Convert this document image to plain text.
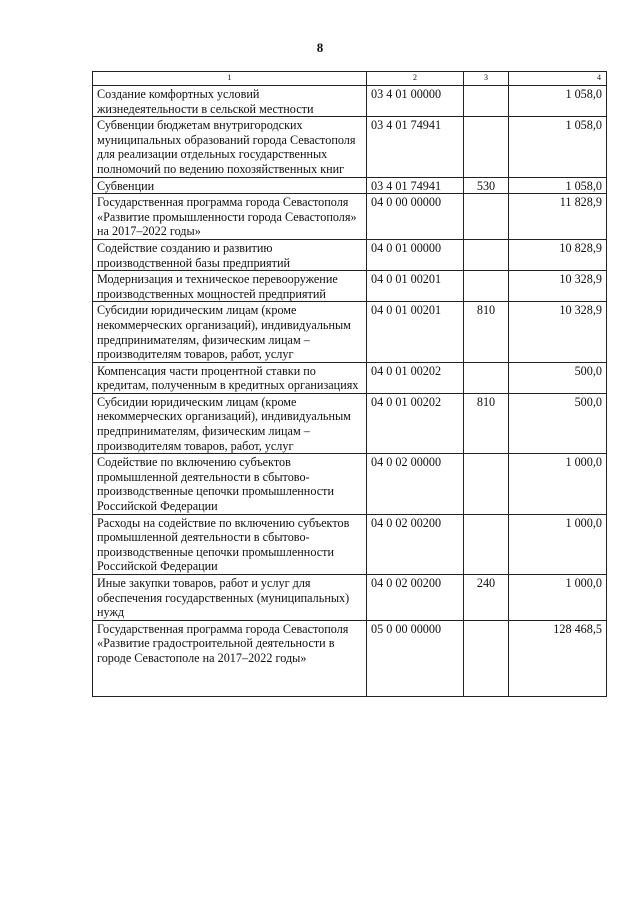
8
1	2	3	4
Создание комфортных условий жизнедеятельности в сельской местности	03 4 01 00000		1 058,0
Субвенции бюджетам внутригородских муниципальных образований города Севастополя для реализации отдельных государственных полномочий по ведению похозяйственных книг	03 4 01 74941		1 058,0
Субвенции	03 4 01 74941	530	1 058,0
Государственная программа города Севастополя «Развитие промышленности города Севастополя» на 2017–2022 годы»	04 0 00 00000		11 828,9
Содействие созданию и развитию производственной базы предприятий	04 0 01 00000		10 828,9
Модернизация и техническое перевооружение производственных мощностей предприятий	04 0 01 00201		10 328,9
Субсидии юридическим лицам (кроме некоммерческих организаций), индивидуальным предпринимателям, физическим лицам – производителям товаров, работ, услуг	04 0 01 00201	810	10 328,9
Компенсация части процентной ставки по кредитам, полученным в кредитных организациях	04 0 01 00202		500,0
Субсидии юридическим лицам (кроме некоммерческих организаций), индивидуальным предпринимателям, физическим лицам – производителям товаров, работ, услуг	04 0 01 00202	810	500,0
Содействие по включению субъектов промышленной деятельности в сбытово-производственные цепочки промышленности Российской Федерации	04 0 02 00000		1 000,0
Расходы на содействие по включению субъектов промышленной деятельности в сбытово-производственные цепочки промышленности Российской Федерации	04 0 02 00200		1 000,0
Иные закупки товаров, работ и услуг для обеспечения государственных (муниципальных) нужд	04 0 02 00200	240	1 000,0
Государственная программа города Севастополя «Развитие градостроительной деятельности в городе Севастополе на 2017–2022 годы»	05 0 00 00000		128 468,5
